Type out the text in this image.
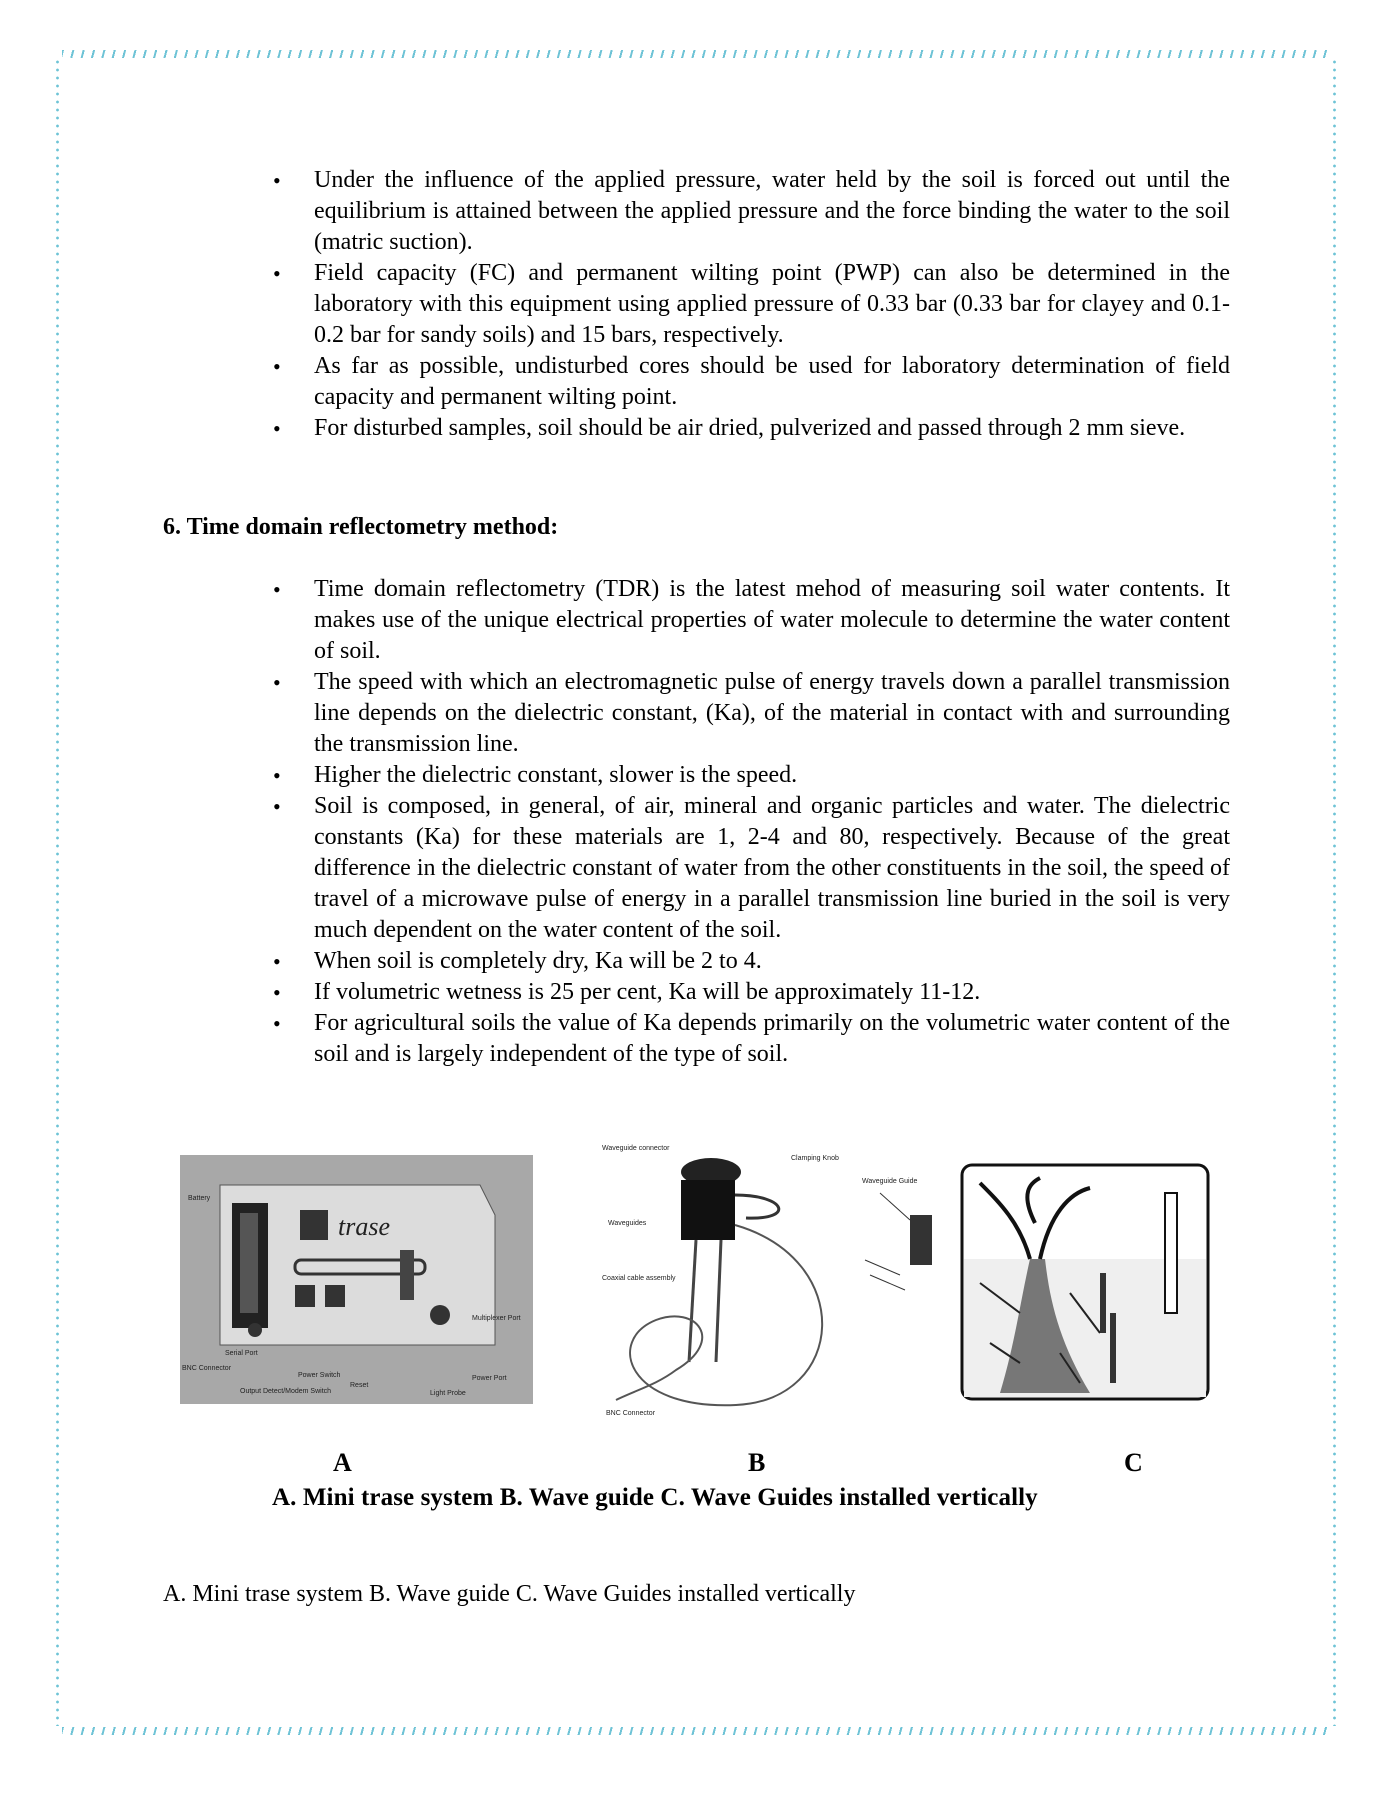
• Under the influence of the applied pressure, water held by the soil is forced out until the equilibrium is attained between the applied pressure and the force binding the water to the soil (matric suction).
• Field capacity (FC) and permanent wilting point (PWP) can also be determined in the laboratory with this equipment using applied pressure of 0.33 bar (0.33 bar for clayey and 0.1-0.2 bar for sandy soils) and 15 bars, respectively.
• As far as possible, undisturbed cores should be used for laboratory determination of field capacity and permanent wilting point.
• For disturbed samples, soil should be air dried, pulverized and passed through 2 mm sieve.
6. Time domain reflectometry method:
• Time domain reflectometry (TDR) is the latest mehod of measuring soil water contents. It makes use of the unique electrical properties of water molecule to determine the water content of soil.
• The speed with which an electromagnetic pulse of energy travels down a parallel transmission line depends on the dielectric constant, (Ka), of the material in contact with and surrounding the transmission line.
• Higher the dielectric constant, slower is the speed.
• Soil is composed, in general, of air, mineral and organic particles and water. The dielectric constants (Ka) for these materials are 1, 2-4 and 80, respectively. Because of the great difference in the dielectric constant of water from the other constituents in the soil, the speed of travel of a microwave pulse of energy in a parallel transmission line buried in the soil is very much dependent on the water content of the soil.
• When soil is completely dry, Ka will be 2 to 4.
• If volumetric wetness is 25 per cent, Ka will be approximately 11-12.
• For agricultural soils the value of Ka depends primarily on the volumetric water content of the soil and is largely independent of the type of soil.
trase
Battery
BNC Connector
Serial Port
Power Switch
Reset
Output Detect/Modem Switch
Multiplexer Port
Power Port
Light Probe
Waveguide connector
Clamping Knob
Waveguides
Coaxial cable assembly
BNC Connector
Waveguide Guide
A	B	C
A. Mini trase system B. Wave guide C. Wave Guides installed vertically
A. Mini trase system B. Wave guide C. Wave Guides installed vertically
